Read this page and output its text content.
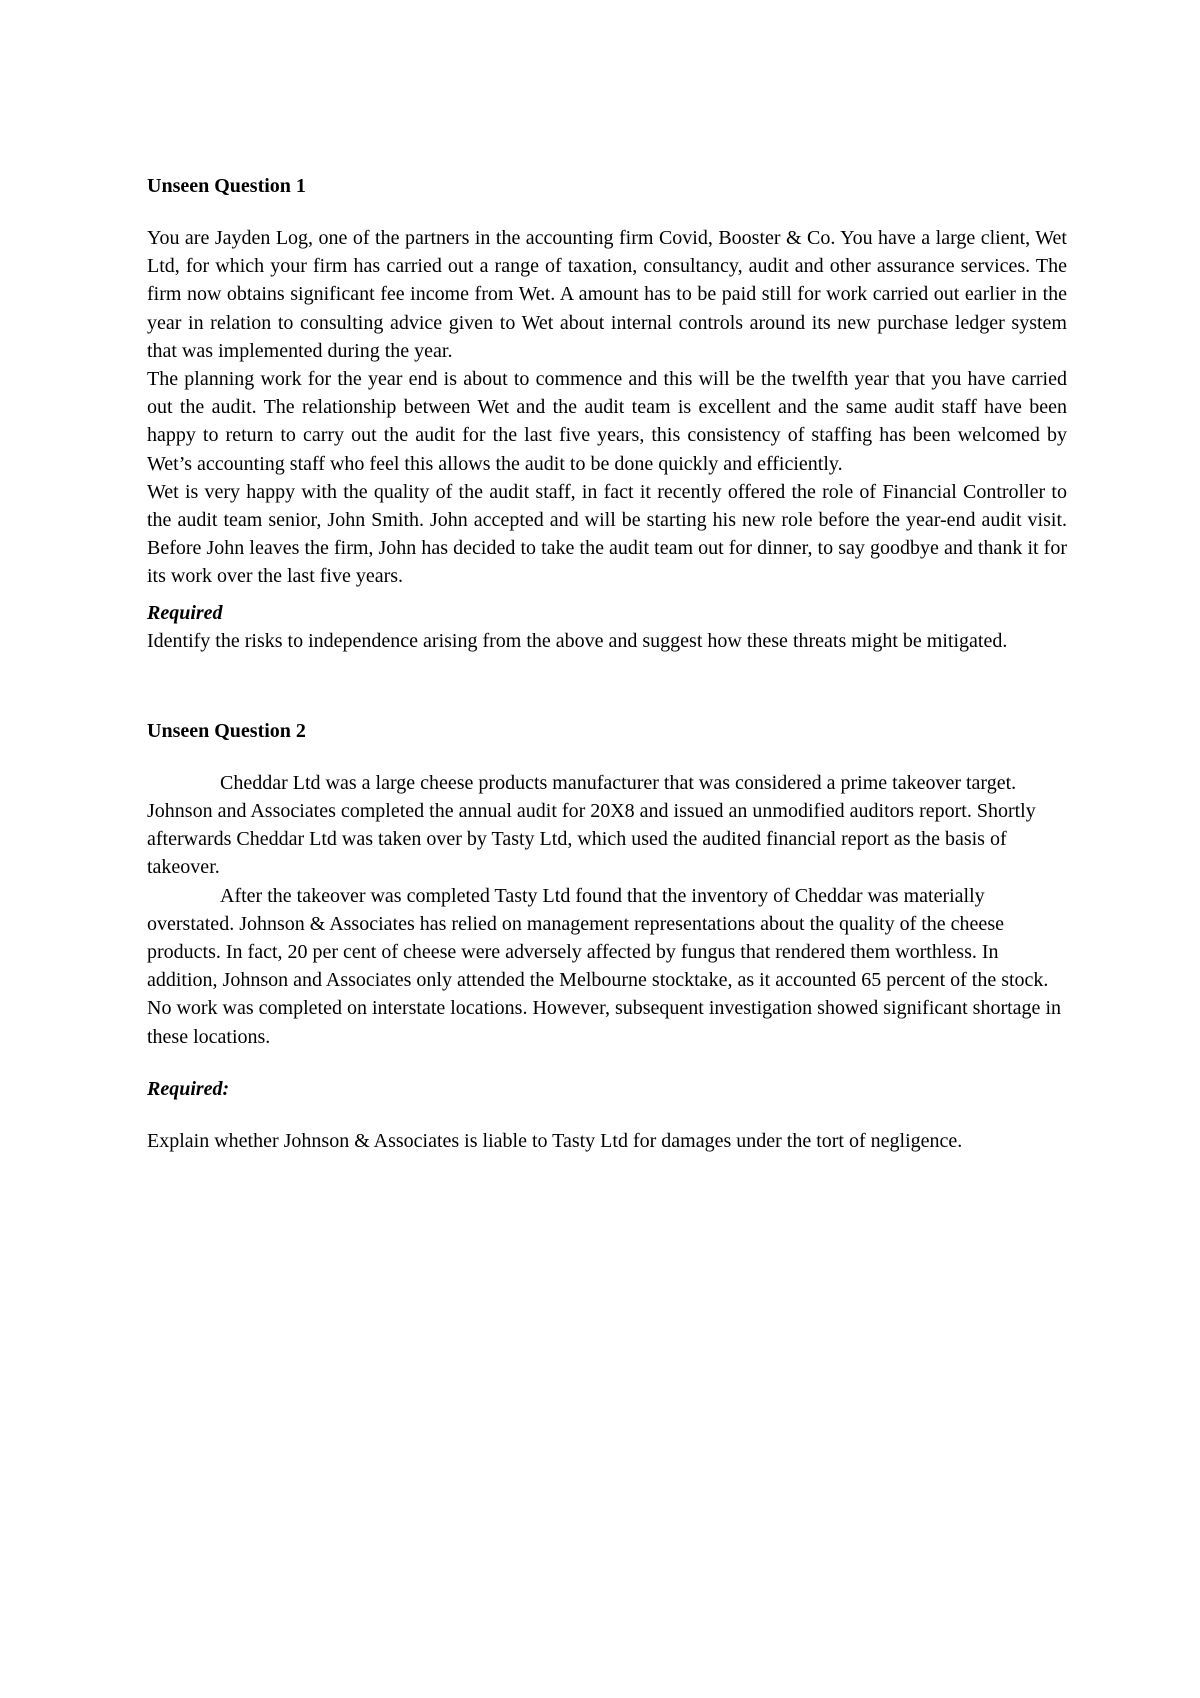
Unseen Question 1

You are Jayden Log, one of the partners in the accounting firm Covid, Booster & Co. You have a large client, Wet Ltd, for which your firm has carried out a range of taxation, consultancy, audit and other assurance services. The firm now obtains significant fee income from Wet. A amount has to be paid still for work carried out earlier in the year in relation to consulting advice given to Wet about internal controls around its new purchase ledger system that was implemented during the year.

The planning work for the year end is about to commence and this will be the twelfth year that you have carried out the audit. The relationship between Wet and the audit team is excellent and the same audit staff have been happy to return to carry out the audit for the last five years, this consistency of staffing has been welcomed by Wet’s accounting staff who feel this allows the audit to be done quickly and efficiently.

Wet is very happy with the quality of the audit staff, in fact it recently offered the role of Financial Controller to the audit team senior, John Smith. John accepted and will be starting his new role before the year-end audit visit. Before John leaves the firm, John has decided to take the audit team out for dinner, to say goodbye and thank it for its work over the last five years.

Required

Identify the risks to independence arising from the above and suggest how these threats might be mitigated.

Unseen Question 2

Cheddar Ltd was a large cheese products manufacturer that was considered a prime takeover target. Johnson and Associates completed the annual audit for 20X8 and issued an unmodified auditors report. Shortly afterwards Cheddar Ltd was taken over by Tasty Ltd, which used the audited financial report as the basis of takeover.

After the takeover was completed Tasty Ltd found that the inventory of Cheddar was materially overstated. Johnson & Associates has relied on management representations about the quality of the cheese products. In fact, 20 per cent of cheese were adversely affected by fungus that rendered them worthless. In addition, Johnson and Associates only attended the Melbourne stocktake, as it accounted 65 percent of the stock. No work was completed on interstate locations. However, subsequent investigation showed significant shortage in these locations.

Required:

Explain whether Johnson & Associates is liable to Tasty Ltd for damages under the tort of negligence.
